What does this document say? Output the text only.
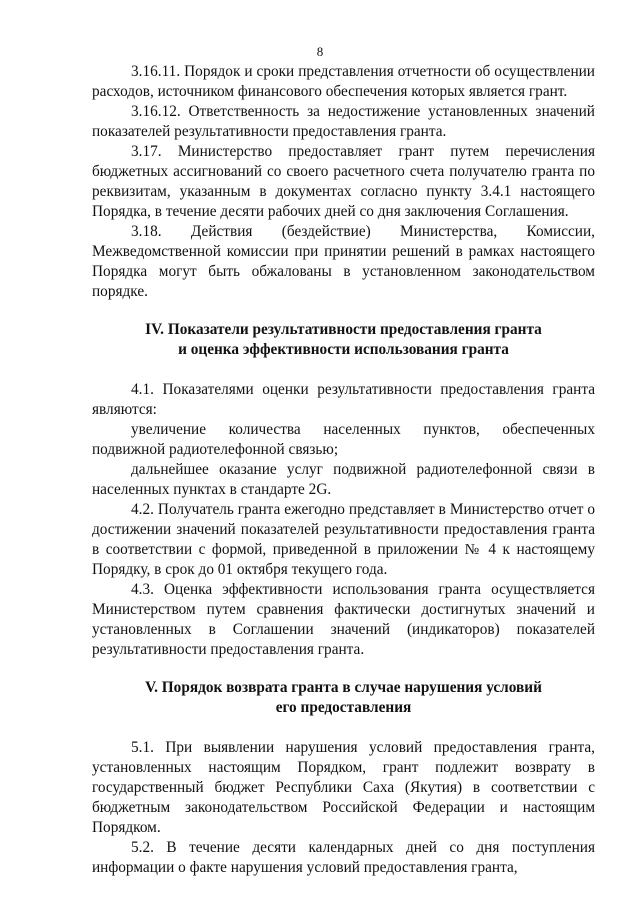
8

3.16.11. Порядок и сроки представления отчетности об осуществлении расходов, источником финансового обеспечения которых является грант.

3.16.12. Ответственность за недостижение установленных значений показателей результативности предоставления гранта.

3.17. Министерство предоставляет грант путем перечисления бюджетных ассигнований со своего расчетного счета получателю гранта по реквизитам, указанным в документах согласно пункту 3.4.1 настоящего Порядка, в течение десяти рабочих дней со дня заключения Соглашения.

3.18. Действия (бездействие) Министерства, Комиссии, Межведомственной комиссии при принятии решений в рамках настоящего Порядка могут быть обжалованы в установленном законодательством порядке.

IV. Показатели результативности предоставления гранта
и оценка эффективности использования гранта

4.1. Показателями оценки результативности предоставления гранта являются:

увеличение количества населенных пунктов, обеспеченных подвижной радиотелефонной связью;

дальнейшее оказание услуг подвижной радиотелефонной связи в населенных пунктах в стандарте 2G.

4.2. Получатель гранта ежегодно представляет в Министерство отчет о достижении значений показателей результативности предоставления гранта в соответствии с формой, приведенной в приложении № 4 к настоящему Порядку, в срок до 01 октября текущего года.

4.3. Оценка эффективности использования гранта осуществляется Министерством путем сравнения фактически достигнутых значений и установленных в Соглашении значений (индикаторов) показателей результативности предоставления гранта.

V. Порядок возврата гранта в случае нарушения условий
его предоставления

5.1. При выявлении нарушения условий предоставления гранта, установленных настоящим Порядком, грант подлежит возврату в государственный бюджет Республики Саха (Якутия) в соответствии с бюджетным законодательством Российской Федерации и настоящим Порядком.

5.2. В течение десяти календарных дней со дня поступления информации о факте нарушения условий предоставления гранта,
